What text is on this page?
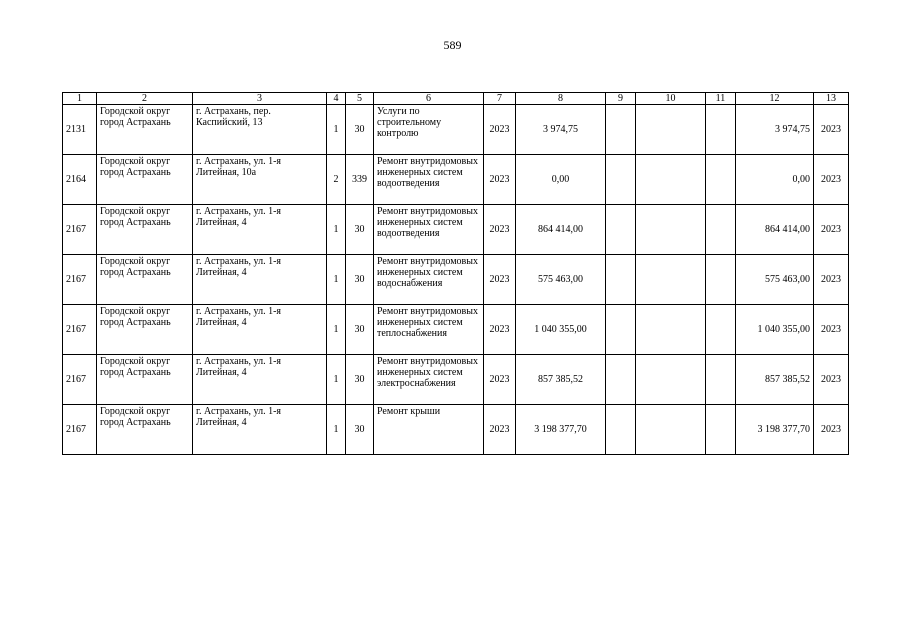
589
1	2	3	4	5	6	7	8	9	10	11	12	13
2131	Городской округ город Астрахань	г. Астрахань, пер. Каспийский, 13	1	30	Услуги по строительному контролю	2023	3 974,75				3 974,75	2023
2164	Городской округ город Астрахань	г. Астрахань, ул. 1-я Литейная, 10а	2	339	Ремонт внутридомовых инженерных систем водоотведения	2023	0,00				0,00	2023
2167	Городской округ город Астрахань	г. Астрахань, ул. 1-я Литейная, 4	1	30	Ремонт внутридомовых инженерных систем водоотведения	2023	864 414,00				864 414,00	2023
2167	Городской округ город Астрахань	г. Астрахань, ул. 1-я Литейная, 4	1	30	Ремонт внутридомовых инженерных систем водоснабжения	2023	575 463,00				575 463,00	2023
2167	Городской округ город Астрахань	г. Астрахань, ул. 1-я Литейная, 4	1	30	Ремонт внутридомовых инженерных систем теплоснабжения	2023	1 040 355,00				1 040 355,00	2023
2167	Городской округ город Астрахань	г. Астрахань, ул. 1-я Литейная, 4	1	30	Ремонт внутридомовых инженерных систем электроснабжения	2023	857 385,52				857 385,52	2023
2167	Городской округ город Астрахань	г. Астрахань, ул. 1-я Литейная, 4	1	30	Ремонт крыши	2023	3 198 377,70				3 198 377,70	2023
